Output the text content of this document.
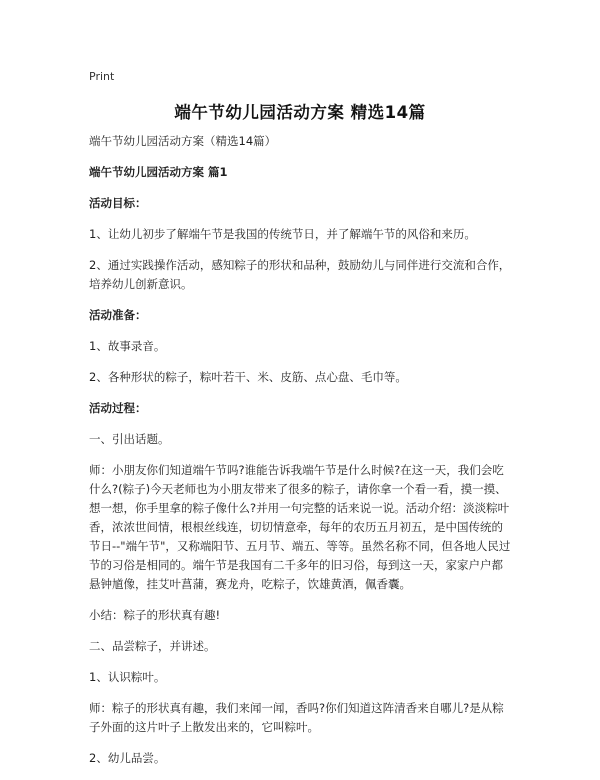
Print
端午节幼儿园活动方案 精选14篇

端午节幼儿园活动方案（精选14篇）

端午节幼儿园活动方案 篇1

活动目标：

1、让幼儿初步了解端午节是我国的传统节日，并了解端午节的风俗和来历。

2、通过实践操作活动，感知粽子的形状和品种，鼓励幼儿与同伴进行交流和合作，培养幼儿创新意识。

活动准备：

1、故事录音。

2、各种形状的粽子，粽叶若干、米、皮筋、点心盘、毛巾等。

活动过程：

一、引出话题。

师：小朋友你们知道端午节吗?谁能告诉我端午节是什么时候?在这一天，我们会吃什么?(粽子)今天老师也为小朋友带来了很多的粽子，请你拿一个看一看，摸一摸、想一想，你手里拿的粽子像什么?并用一句完整的话来说一说。活动介绍：淡淡粽叶香，浓浓世间情，根根丝线连，切切情意牵，每年的农历五月初五，是中国传统的节日--"端午节"，又称端阳节、五月节、端五、等等。虽然名称不同，但各地人民过节的习俗是相同的。端午节是我国有二千多年的旧习俗，每到这一天，家家户户都悬钟馗像，挂艾叶菖蒲，赛龙舟，吃粽子，饮雄黄酒，佩香囊。

小结：粽子的形状真有趣!

二、品尝粽子，并讲述。

1、认识粽叶。

师：粽子的形状真有趣，我们来闻一闻，香吗?你们知道这阵清香来自哪儿?是从粽子外面的这片叶子上散发出来的，它叫粽叶。

2、幼儿品尝。
